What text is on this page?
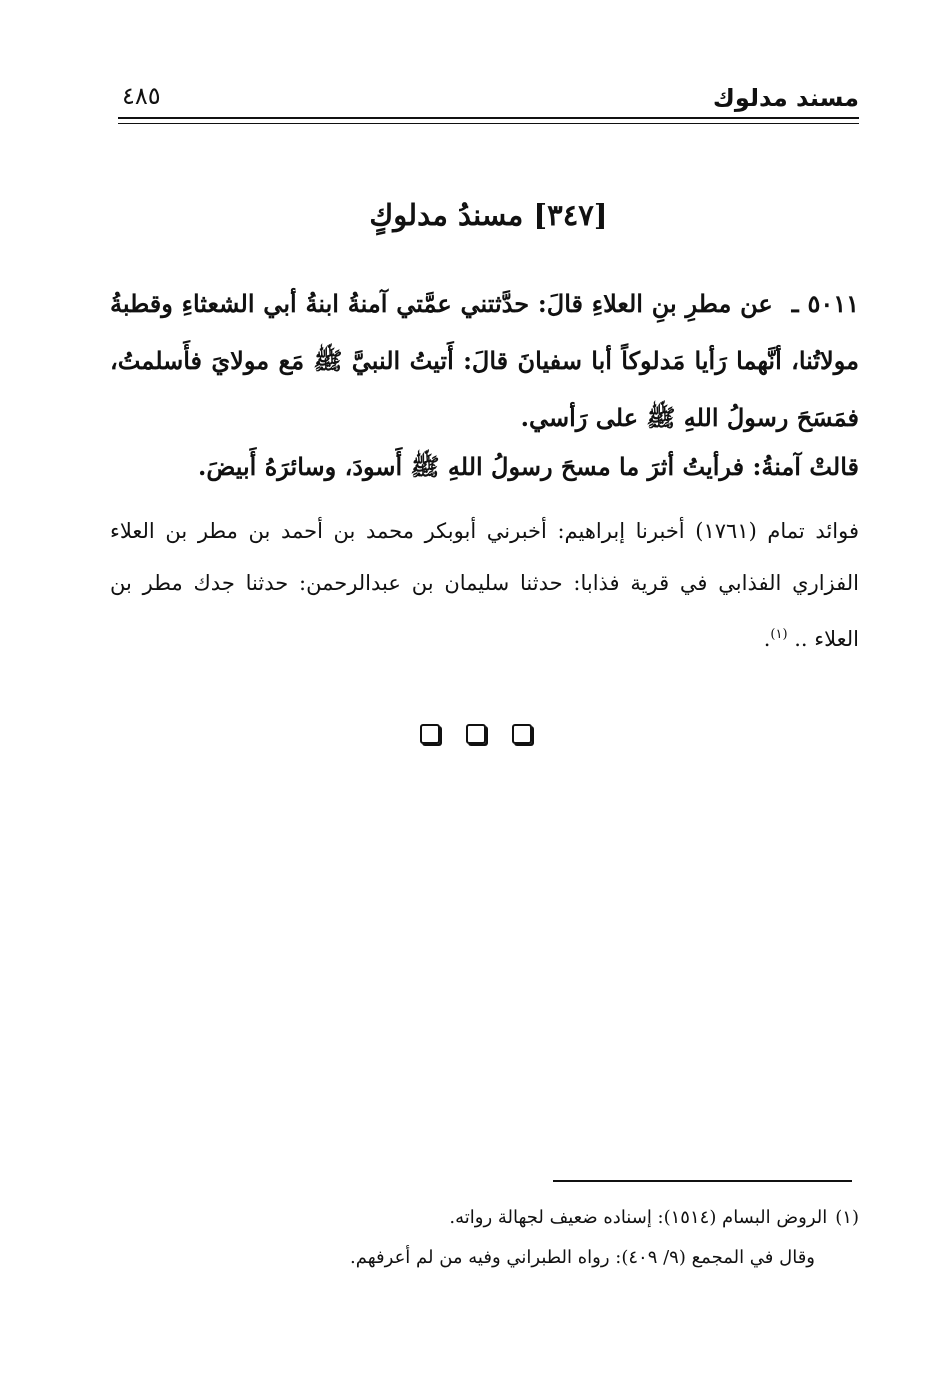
مسند مدلوك
٤٨٥
[٣٤٧] مسندُ مدلوكٍ
٥٠١١ ـ عن مطرِ بنِ العلاءِ قالَ: حدَّثتني عمَّتي آمنةُ ابنةُ أبي الشعثاءِ وقطبةُ مولاتُنا، أنَّهما رَأيا مَدلوكاً أبا سفيانَ قالَ: أَتيتُ النبيَّ ﷺ مَع مولايَ فأَسلمتُ، فمَسَحَ رسولُ اللهِ ﷺ على رَأسي.
قالتْ آمنةُ: فرأيتُ أثرَ ما مسحَ رسولُ اللهِ ﷺ أَسودَ، وسائرَهُ أَبيضَ.
فوائد تمام (١٧٦١) أخبرنا إبراهيم: أخبرني أبوبكر محمد بن أحمد بن مطر بن العلاء الفزاري الفذابي في قرية فذابا: حدثنا سليمان بن عبدالرحمن: حدثنا جدك مطر بن العلاء .. $^{(١)}$.
(١)الروض البسام (١٥١٤): إسناده ضعيف لجهالة رواته.
وقال في المجمع (٩/ ٤٠٩): رواه الطبراني وفيه من لم أعرفهم.
